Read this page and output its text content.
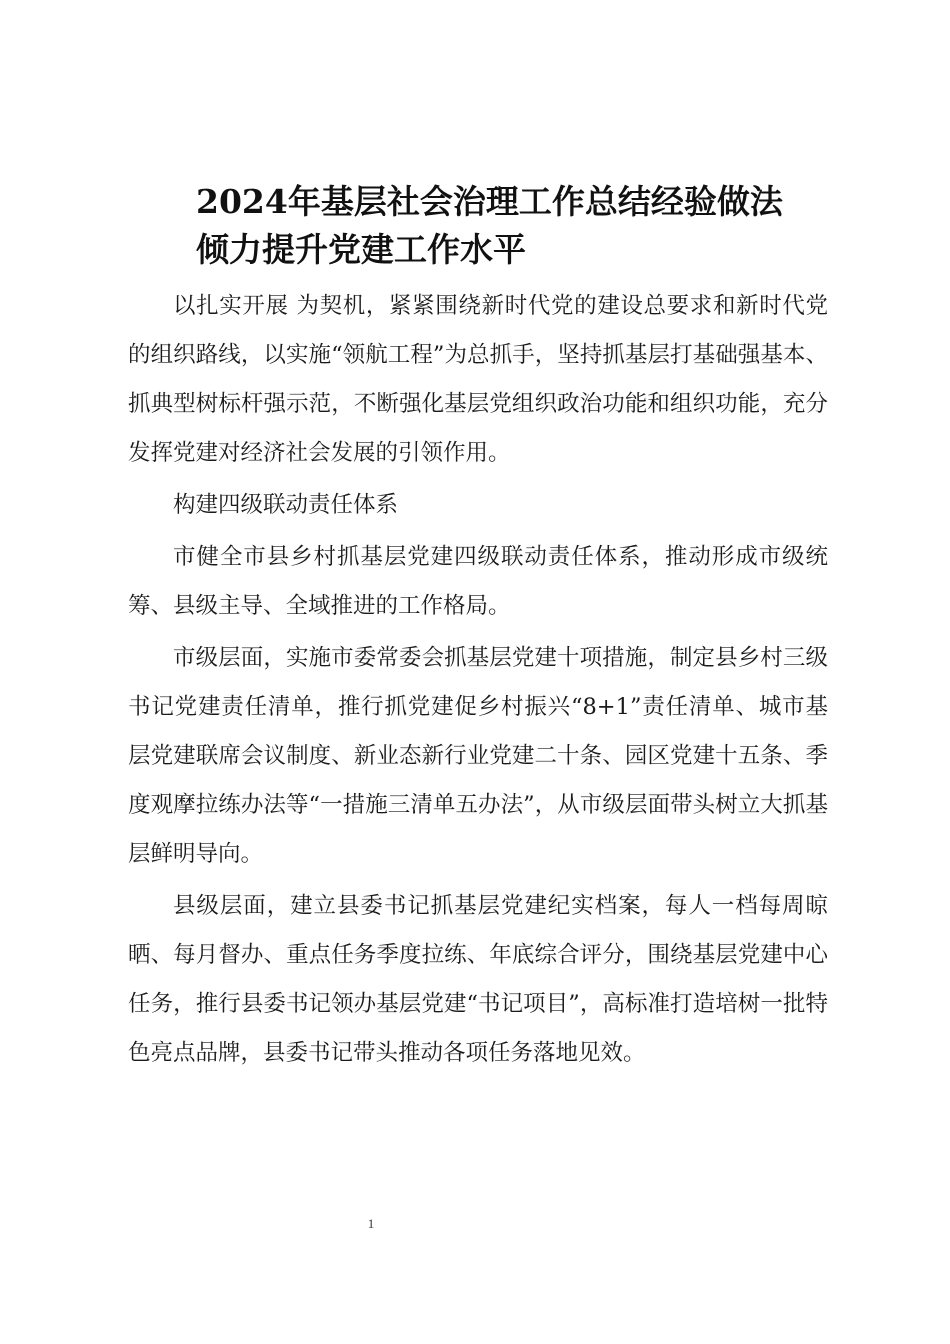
2024年基层社会治理工作总结经验做法
倾力提升党建工作水平

以扎实开展 为契机，紧紧围绕新时代党的建设总要求和新时代党的组织路线，以实施“领航工程”为总抓手，坚持抓基层打基础强基本、抓典型树标杆强示范，不断强化基层党组织政治功能和组织功能，充分发挥党建对经济社会发展的引领作用。

构建四级联动责任体系

市健全市县乡村抓基层党建四级联动责任体系，推动形成市级统筹、县级主导、全域推进的工作格局。

市级层面，实施市委常委会抓基层党建十项措施，制定县乡村三级书记党建责任清单，推行抓党建促乡村振兴“8+1”责任清单、城市基层党建联席会议制度、新业态新行业党建二十条、园区党建十五条、季度观摩拉练办法等“一措施三清单五办法”，从市级层面带头树立大抓基层鲜明导向。

县级层面，建立县委书记抓基层党建纪实档案，每人一档每周晾晒、每月督办、重点任务季度拉练、年底综合评分，围绕基层党建中心任务，推行县委书记领办基层党建“书记项目”，高标准打造培树一批特色亮点品牌，县委书记带头推动各项任务落地见效。

1
